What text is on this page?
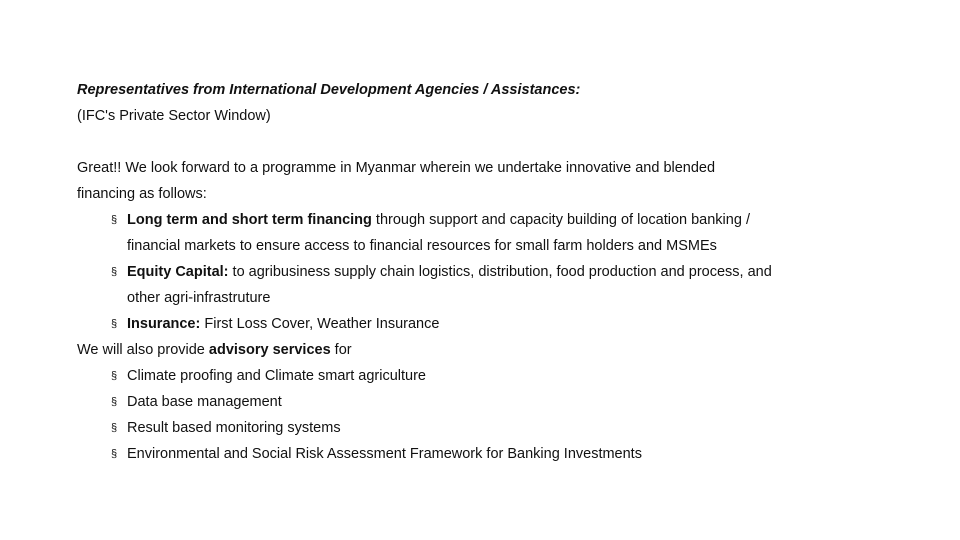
Representatives from International Development Agencies / Assistances:
(IFC's Private Sector Window)
Great!! We look forward to a programme in Myanmar wherein we undertake innovative and blended
financing as follows:
§ Long term and short term financing through support and capacity building of location banking /
financial markets to ensure access to financial resources for small farm holders and MSMEs
§ Equity Capital: to agribusiness supply chain logistics, distribution, food production and process, and
other agri-infrastruture
§ Insurance: First Loss Cover, Weather Insurance
We will also provide advisory services for
§ Climate proofing and Climate smart agriculture
§ Data base management
§ Result based monitoring systems
§ Environmental and Social Risk Assessment Framework for Banking Investments
